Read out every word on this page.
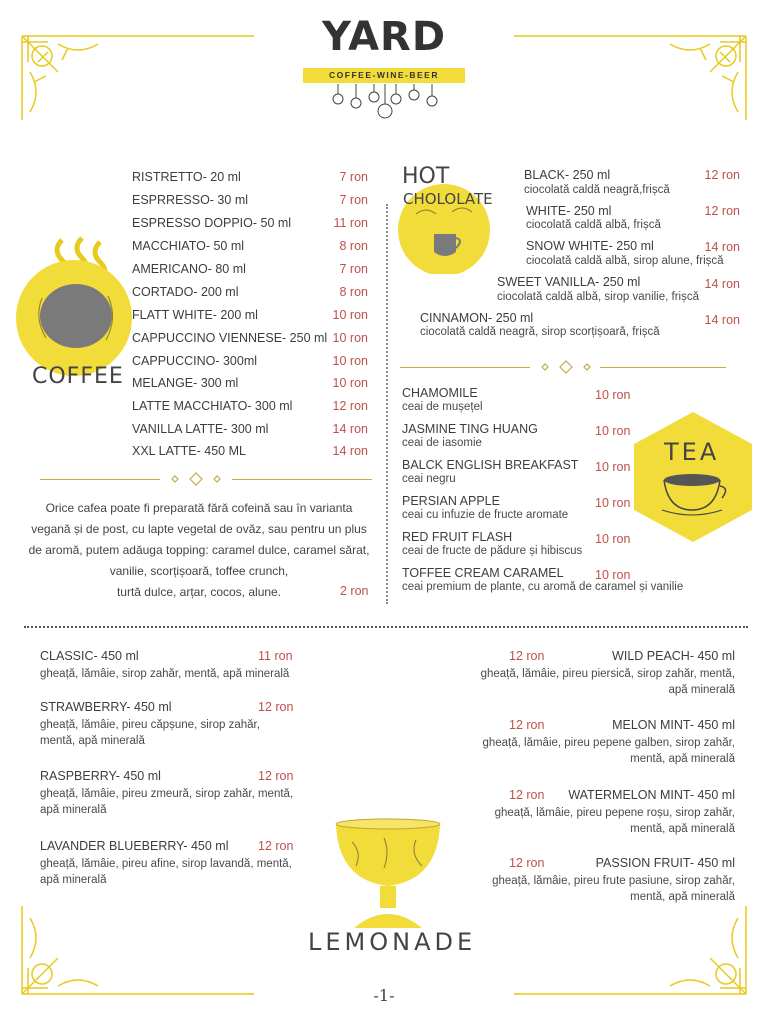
YARD
COFFEE-WINE-BEER
COFFEE
RISTRETTO- 20 ml	7 ron
ESPRRESSO- 30 ml	7 ron
ESPRESSO DOPPIO- 50 ml	11 ron
MACCHIATO- 50 ml	8 ron
AMERICANO- 80 ml	7 ron
CORTADO- 200 ml	8 ron
FLATT WHITE- 200 ml	10 ron
CAPPUCCINO VIENNESE- 250 ml 10 ron
CAPPUCCINO- 300ml	10 ron
MELANGE- 300 ml	10 ron
LATTE MACCHIATO- 300 ml	12 ron
VANILLA LATTE- 300 ml	14 ron
XXL LATTE- 450 ML	14 ron
Orice cafea poate fi preparată fără cofeină sau în varianta
vegană și de post, cu lapte vegetal de ovăz, sau pentru un plus
de aromă, putem adăuga topping: caramel dulce, caramel sărat,
vanilie, scorțișoară, toffee crunch,
turtă dulce, arțar, cocos, alune.	2 ron
HOT
CHOLOLATE
BLACK- 250 ml
ciocolată caldă neagră,frișcă
12 ron
WHITE- 250 ml
ciocolată caldă albă, frișcă
12 ron
SNOW WHITE- 250 ml
ciocolată caldă albă, sirop alune, frișcă
14 ron
SWEET VANILLA- 250 ml
ciocolată caldă albă, sirop vanilie, frișcă
14 ron
CINNAMON- 250 ml
ciocolată caldă neagră, sirop scorțișoară, frișcă
14 ron
TEA
CHAMOMILE
ceai de mușețel
10 ron
JASMINE TING HUANG
ceai de iasomie
10 ron
BALCK ENGLISH BREAKFAST
ceai negru
10 ron
PERSIAN APPLE
ceai cu infuzie de fructe aromate
10 ron
RED FRUIT FLASH
ceai de fructe de pădure și hibiscus
10 ron
TOFFEE CREAM CARAMEL
ceai premium de plante, cu aromă de caramel și vanilie
10 ron
CLASSIC- 450 ml	11 ron
gheață, lămâie, sirop zahăr, mentă, apă minerală
STRAWBERRY- 450 ml	12 ron
gheață, lămâie, pireu căpșune, sirop zahăr,
mentă, apă minerală
RASPBERRY- 450 ml	12 ron
gheață, lămâie, pireu zmeură, sirop zahăr, mentă,
apă minerală
LAVANDER BLUEBERRY- 450 ml 12 ron
gheață, lămâie, pireu afine, sirop lavandă, mentă,
apă minerală
12 ron	WILD PEACH- 450 ml
gheață, lămâie, pireu piersică, sirop zahăr, mentă,
apă minerală
12 ron	MELON MINT- 450 ml
gheață, lămâie, pireu pepene galben, sirop zahăr,
mentă, apă minerală
12 ron	WATERMELON MINT- 450 ml
gheață, lămâie, pireu pepene roșu, sirop zahăr,
mentă, apă minerală
12 ron	PASSION FRUIT- 450 ml
gheață, lămâie, pireu frute pasiune, sirop zahăr,
mentă, apă minerală
LEMONADE
-1-
